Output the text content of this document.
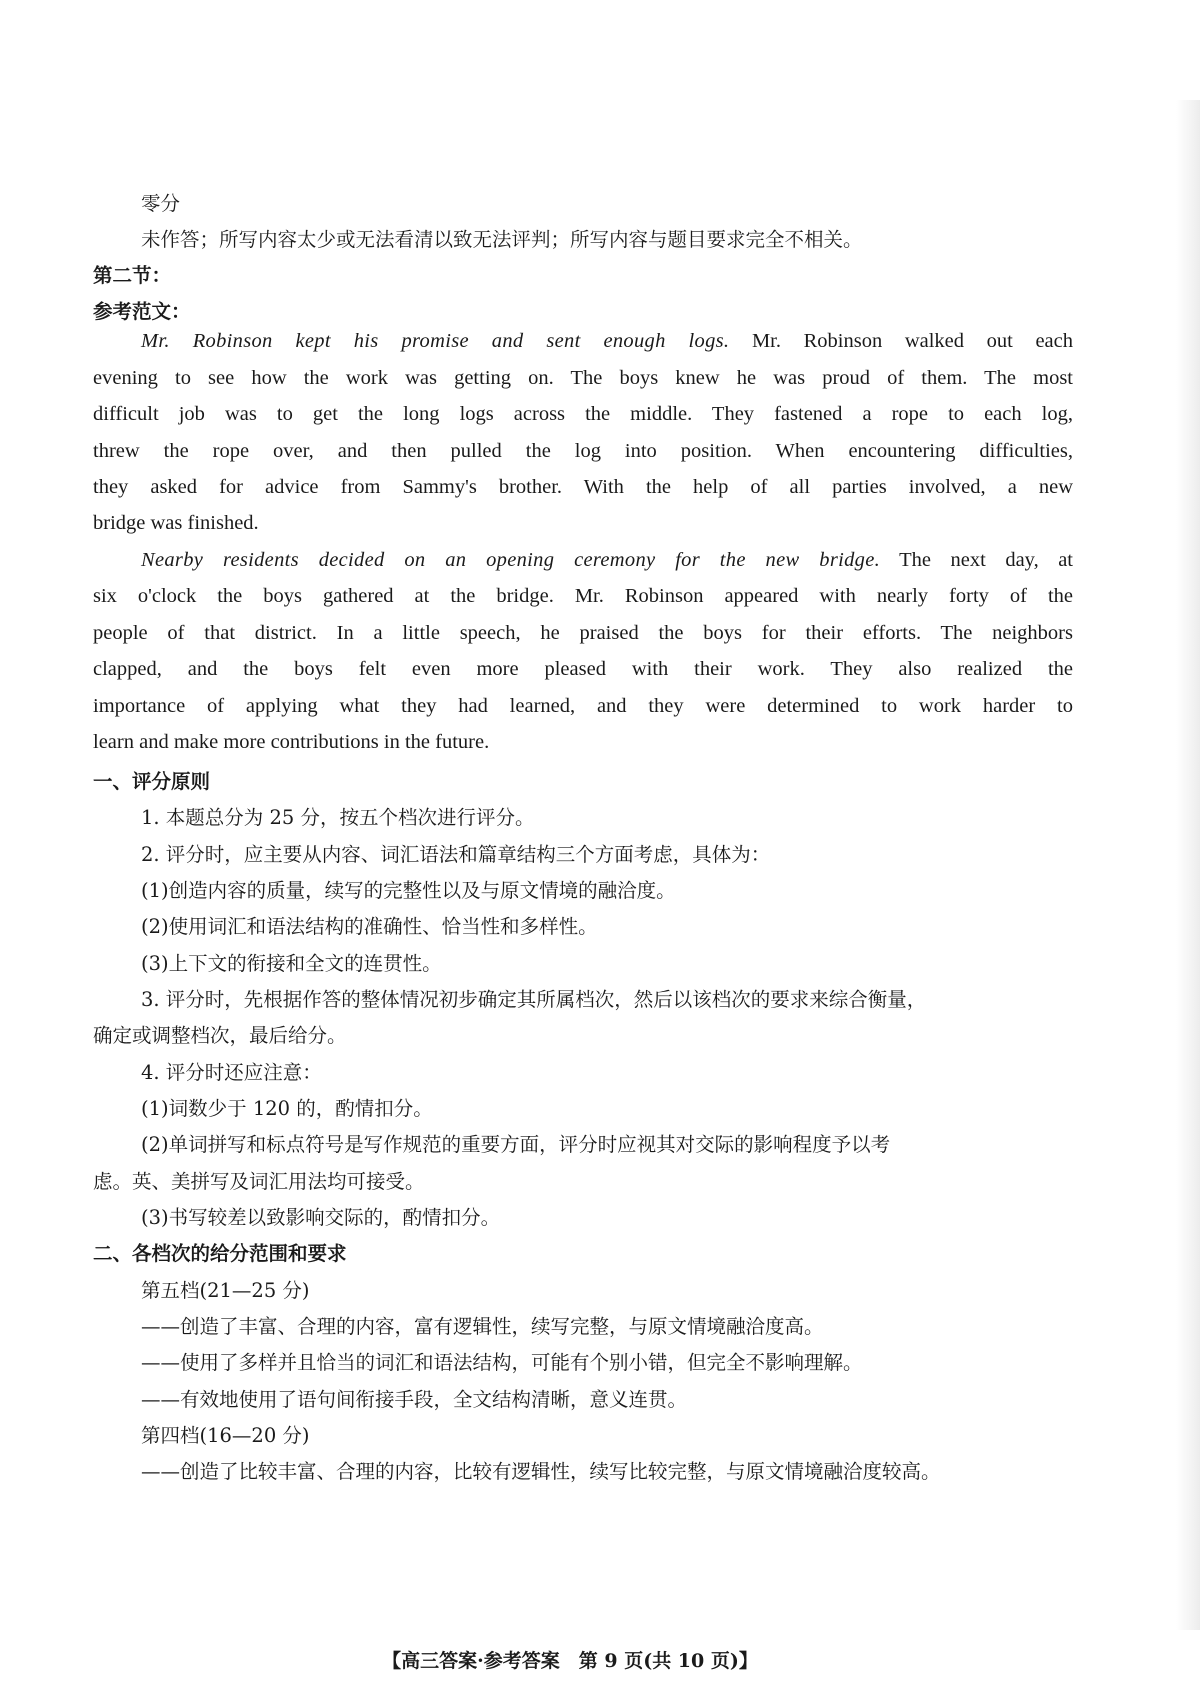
零分
未作答；所写内容太少或无法看清以致无法评判；所写内容与题目要求完全不相关。
第二节：
参考范文：
Mr. Robinson kept his promise and sent enough logs. Mr. Robinson walked out each
evening to see how the work was getting on. The boys knew he was proud of them. The most
difficult job was to get the long logs across the middle. They fastened a rope to each log,
threw the rope over, and then pulled the log into position. When encountering difficulties,
they asked for advice from Sammy's brother. With the help of all parties involved, a new
bridge was finished.
Nearby residents decided on an opening ceremony for the new bridge. The next day, at
six o'clock the boys gathered at the bridge. Mr. Robinson appeared with nearly forty of the
people of that district. In a little speech, he praised the boys for their efforts. The neighbors
clapped, and the boys felt even more pleased with their work. They also realized the
importance of applying what they had learned, and they were determined to work harder to
learn and make more contributions in the future.
一、评分原则
1. 本题总分为 25 分，按五个档次进行评分。
2. 评分时，应主要从内容、词汇语法和篇章结构三个方面考虑，具体为：
(1)创造内容的质量，续写的完整性以及与原文情境的融洽度。
(2)使用词汇和语法结构的准确性、恰当性和多样性。
(3)上下文的衔接和全文的连贯性。
3. 评分时，先根据作答的整体情况初步确定其所属档次，然后以该档次的要求来综合衡量，
确定或调整档次，最后给分。
4. 评分时还应注意：
(1)词数少于 120 的，酌情扣分。
(2)单词拼写和标点符号是写作规范的重要方面，评分时应视其对交际的影响程度予以考
虑。英、美拼写及词汇用法均可接受。
(3)书写较差以致影响交际的，酌情扣分。
二、各档次的给分范围和要求
第五档(21—25 分)
——创造了丰富、合理的内容，富有逻辑性，续写完整，与原文情境融洽度高。
——使用了多样并且恰当的词汇和语法结构，可能有个别小错，但完全不影响理解。
——有效地使用了语句间衔接手段，全文结构清晰，意义连贯。
第四档(16—20 分)
——创造了比较丰富、合理的内容，比较有逻辑性，续写比较完整，与原文情境融洽度较高。
【高三答案·参考答案　第 9 页(共 10 页)】
